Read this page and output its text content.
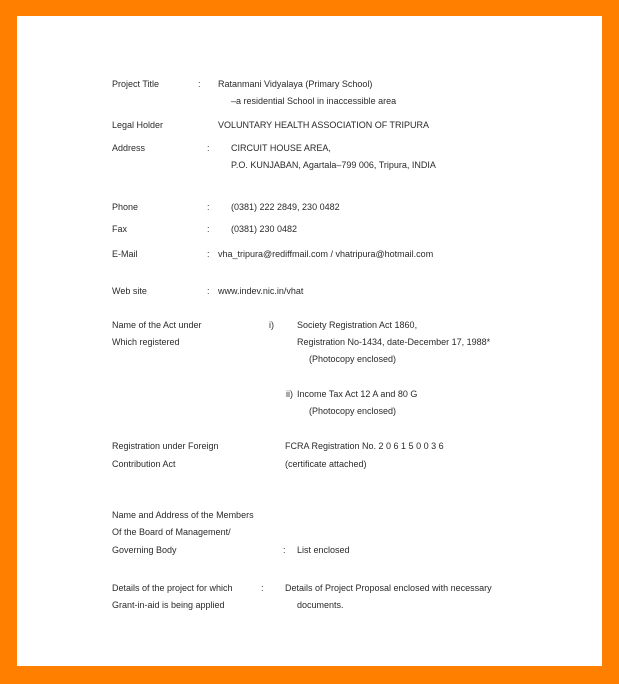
Project Title	: Ratanmani Vidyalaya (Primary School)
–a residential School in inaccessible area
Legal Holder	VOLUNTARY HEALTH ASSOCIATION OF TRIPURA
Address	: CIRCUIT HOUSE AREA,
P.O. KUNJABAN, Agartala–799 006, Tripura, INDIA
Phone	: (0381) 222 2849, 230 0482
Fax	: (0381) 230 0482
E-Mail	: vha_tripura@rediffmail.com / vhatripura@hotmail.com
Web site	: www.indev.nic.in/vhat
Name of the Act under
Which registered
i)	Society Registration Act 1860,
Registration No-1434, date-December 17, 1988*
(Photocopy enclosed)
ii) Income Tax Act 12 A and 80 G
(Photocopy enclosed)
Registration under Foreign
Contribution Act
FCRA Registration No. 2 0 6 1 5 0 0 3 6
(certificate attached)
Name and Address of the Members
Of the Board of Management/
Governing Body	: List enclosed
Details of the project for which
Grant-in-aid is being applied
: Details of Project Proposal enclosed with necessary
documents.
